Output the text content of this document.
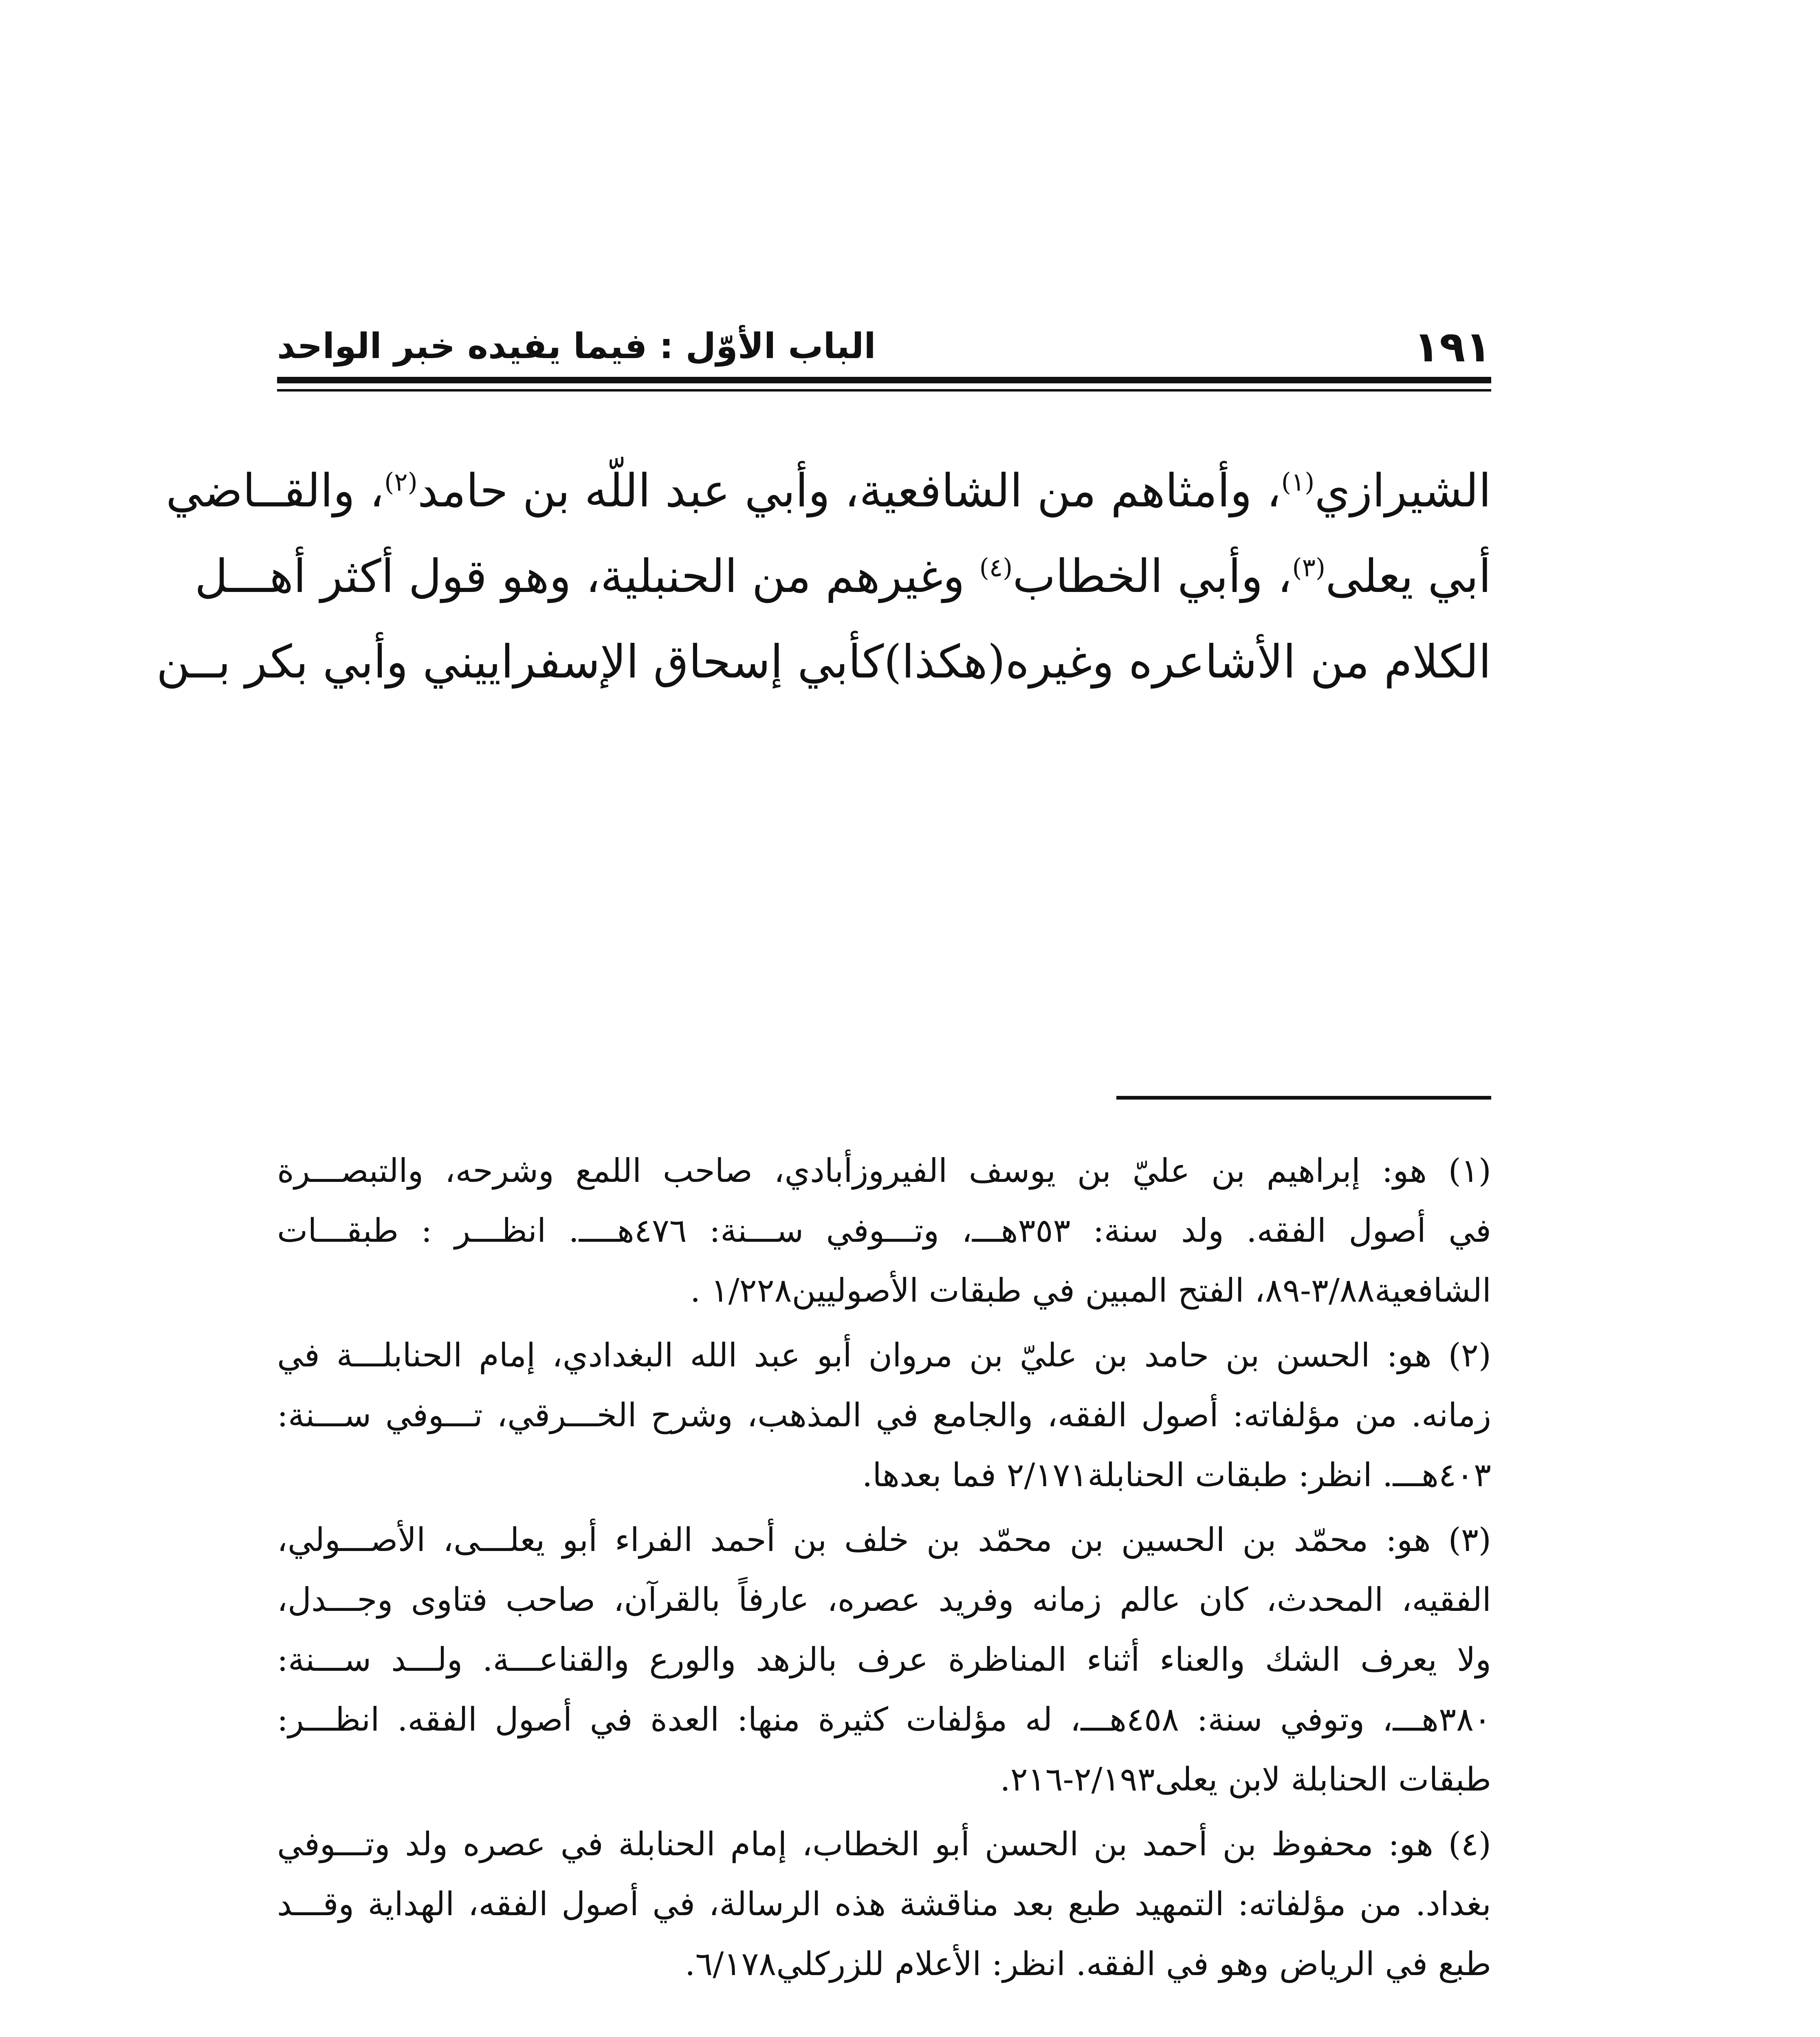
١٩١
الباب الأوّل : فيما يفيده خبر الواحد
الشيرازي$^{(١)}$، وأمثاهم من الشافعية، وأبي عبد اللّه بن حامد$^{(٢)}$، والقــاضي
أبي يعلى$^{(٣)}$، وأبي الخطاب$^{(٤)}$ وغيرهم من الحنبلية، وهو قول أكثر أهـــل
الكلام من الأشاعره وغيره(هكذا)كأبي إسحاق الإسفراييني وأبي بكر بــن
(١) هو: إبراهيم بن عليّ بن يوسف الفيروزأبادي، صاحب اللمع وشرحه، والتبصـــرة
في أصول الفقه. ولد سنة: ٣٥٣هـــ، وتـــوفي ســـنة: ٤٧٦هــــ. انظـــر : طبقـــات
الشافعية٣/٨٨-٨٩، الفتح المبين في طبقات الأصوليين١/٢٢٨ .
(٢) هو: الحسن بن حامد بن عليّ بن مروان أبو عبد الله البغدادي، إمام الحنابلـــة في
زمانه. من مؤلفاته: أصول الفقه، والجامع في المذهب، وشرح الخـــرقي، تـــوفي ســـنة:
٤٠٣هـــ. انظر: طبقات الحنابلة٢/١٧١ فما بعدها.
(٣) هو: محمّد بن الحسين بن محمّد بن خلف بن أحمد الفراء أبو يعلـــى، الأصـــولي،
الفقيه، المحدث، كان عالم زمانه وفريد عصره، عارفاً بالقرآن، صاحب فتاوى وجـــدل،
ولا يعرف الشك والعناء أثناء المناظرة عرف بالزهد والورع والقناعـــة. ولـــد ســـنة:
٣٨٠هـــ، وتوفي سنة: ٤٥٨هـــ، له مؤلفات كثيرة منها: العدة في أصول الفقه. انظـــر:
طبقات الحنابلة لابن يعلى٢/١٩٣-٢١٦.
(٤) هو: محفوظ بن أحمد بن الحسن أبو الخطاب، إمام الحنابلة في عصره ولد وتـــوفي
بغداد. من مؤلفاته: التمهيد طبع بعد مناقشة هذه الرسالة، في أصول الفقه، الهداية وقـــد
طبع في الرياض وهو في الفقه. انظر: الأعلام للزركلي٦/١٧٨.
